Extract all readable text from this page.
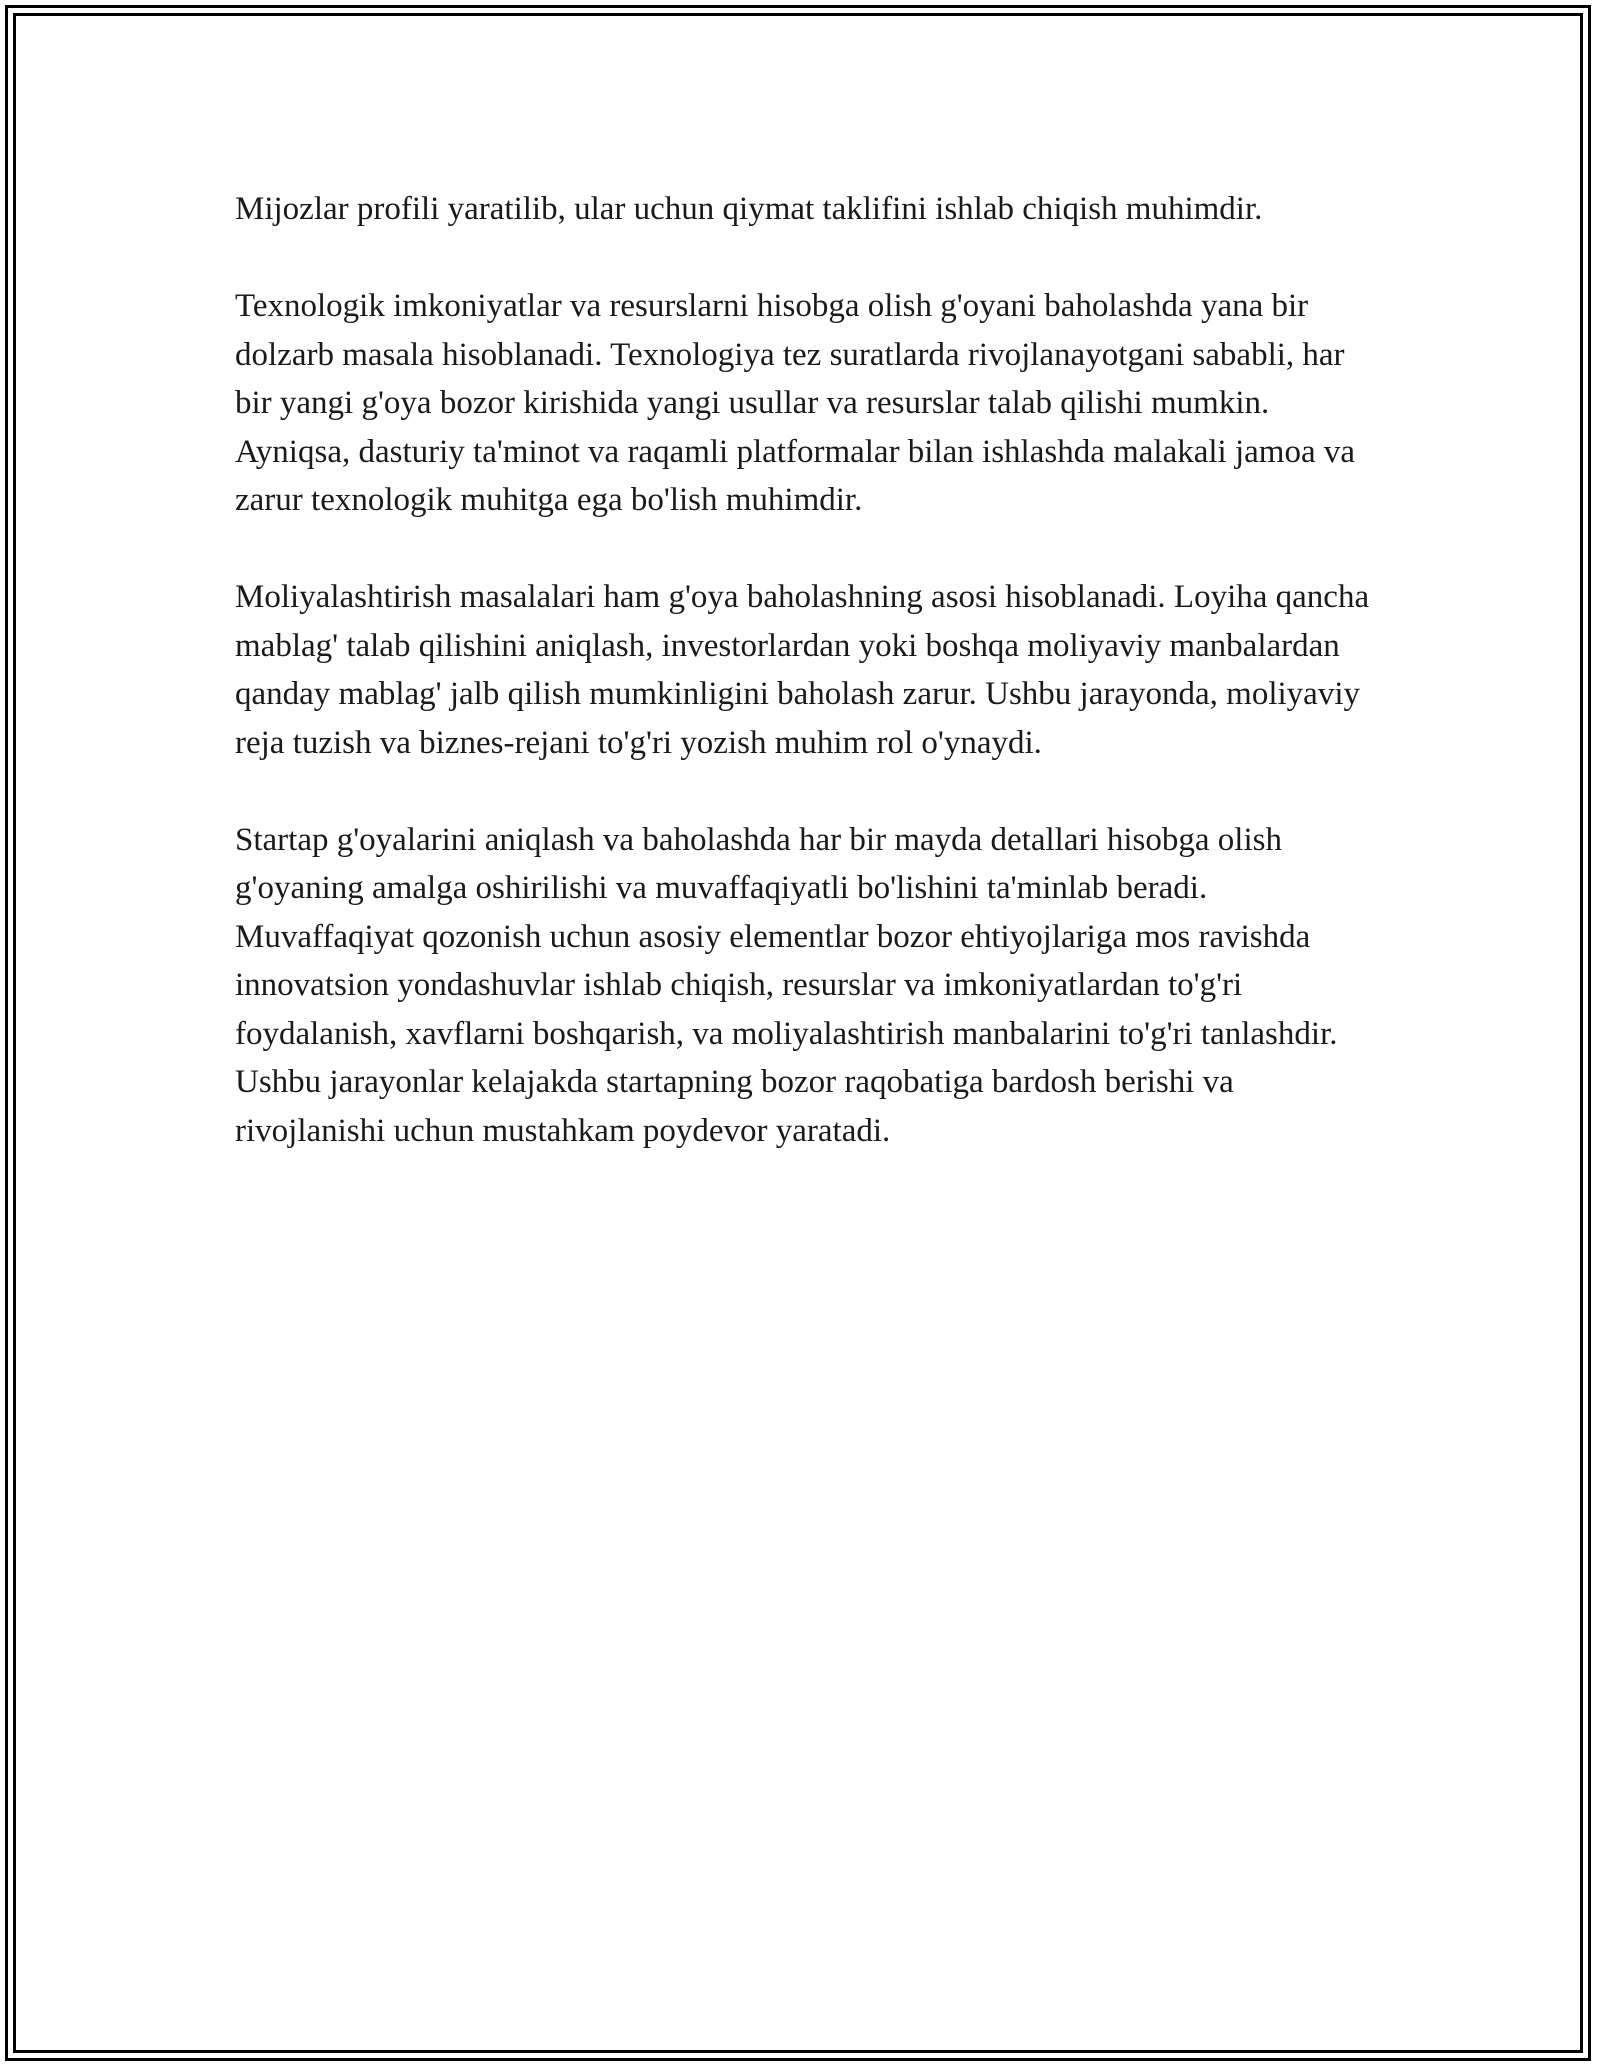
Mijozlar profili yaratilib, ular uchun qiymat taklifini ishlab chiqish muhimdir.

Texnologik imkoniyatlar va resurslarni hisobga olish g'oyani baholashda yana bir dolzarb masala hisoblanadi. Texnologiya tez suratlarda rivojlanayotgani sababli, har bir yangi g'oya bozor kirishida yangi usullar va resurslar talab qilishi mumkin. Ayniqsa, dasturiy ta'minot va raqamli platformalar bilan ishlashda malakali jamoa va zarur texnologik muhitga ega bo'lish muhimdir.

Moliyalashtirish masalalari ham g'oya baholashning asosi hisoblanadi. Loyiha qancha mablag' talab qilishini aniqlash, investorlardan yoki boshqa moliyaviy manbalardan qanday mablag' jalb qilish mumkinligini baholash zarur. Ushbu jarayonda, moliyaviy reja tuzish va biznes-rejani to'g'ri yozish muhim rol o'ynaydi.

Startap g'oyalarini aniqlash va baholashda har bir mayda detallari hisobga olish g'oyaning amalga oshirilishi va muvaffaqiyatli bo'lishini ta'minlab beradi. Muvaffaqiyat qozonish uchun asosiy elementlar bozor ehtiyojlariga mos ravishda innovatsion yondashuvlar ishlab chiqish, resurslar va imkoniyatlardan to'g'ri foydalanish, xavflarni boshqarish, va moliyalashtirish manbalarini to'g'ri tanlashdir. Ushbu jarayonlar kelajakda startapning bozor raqobatiga bardosh berishi va rivojlanishi uchun mustahkam poydevor yaratadi.
